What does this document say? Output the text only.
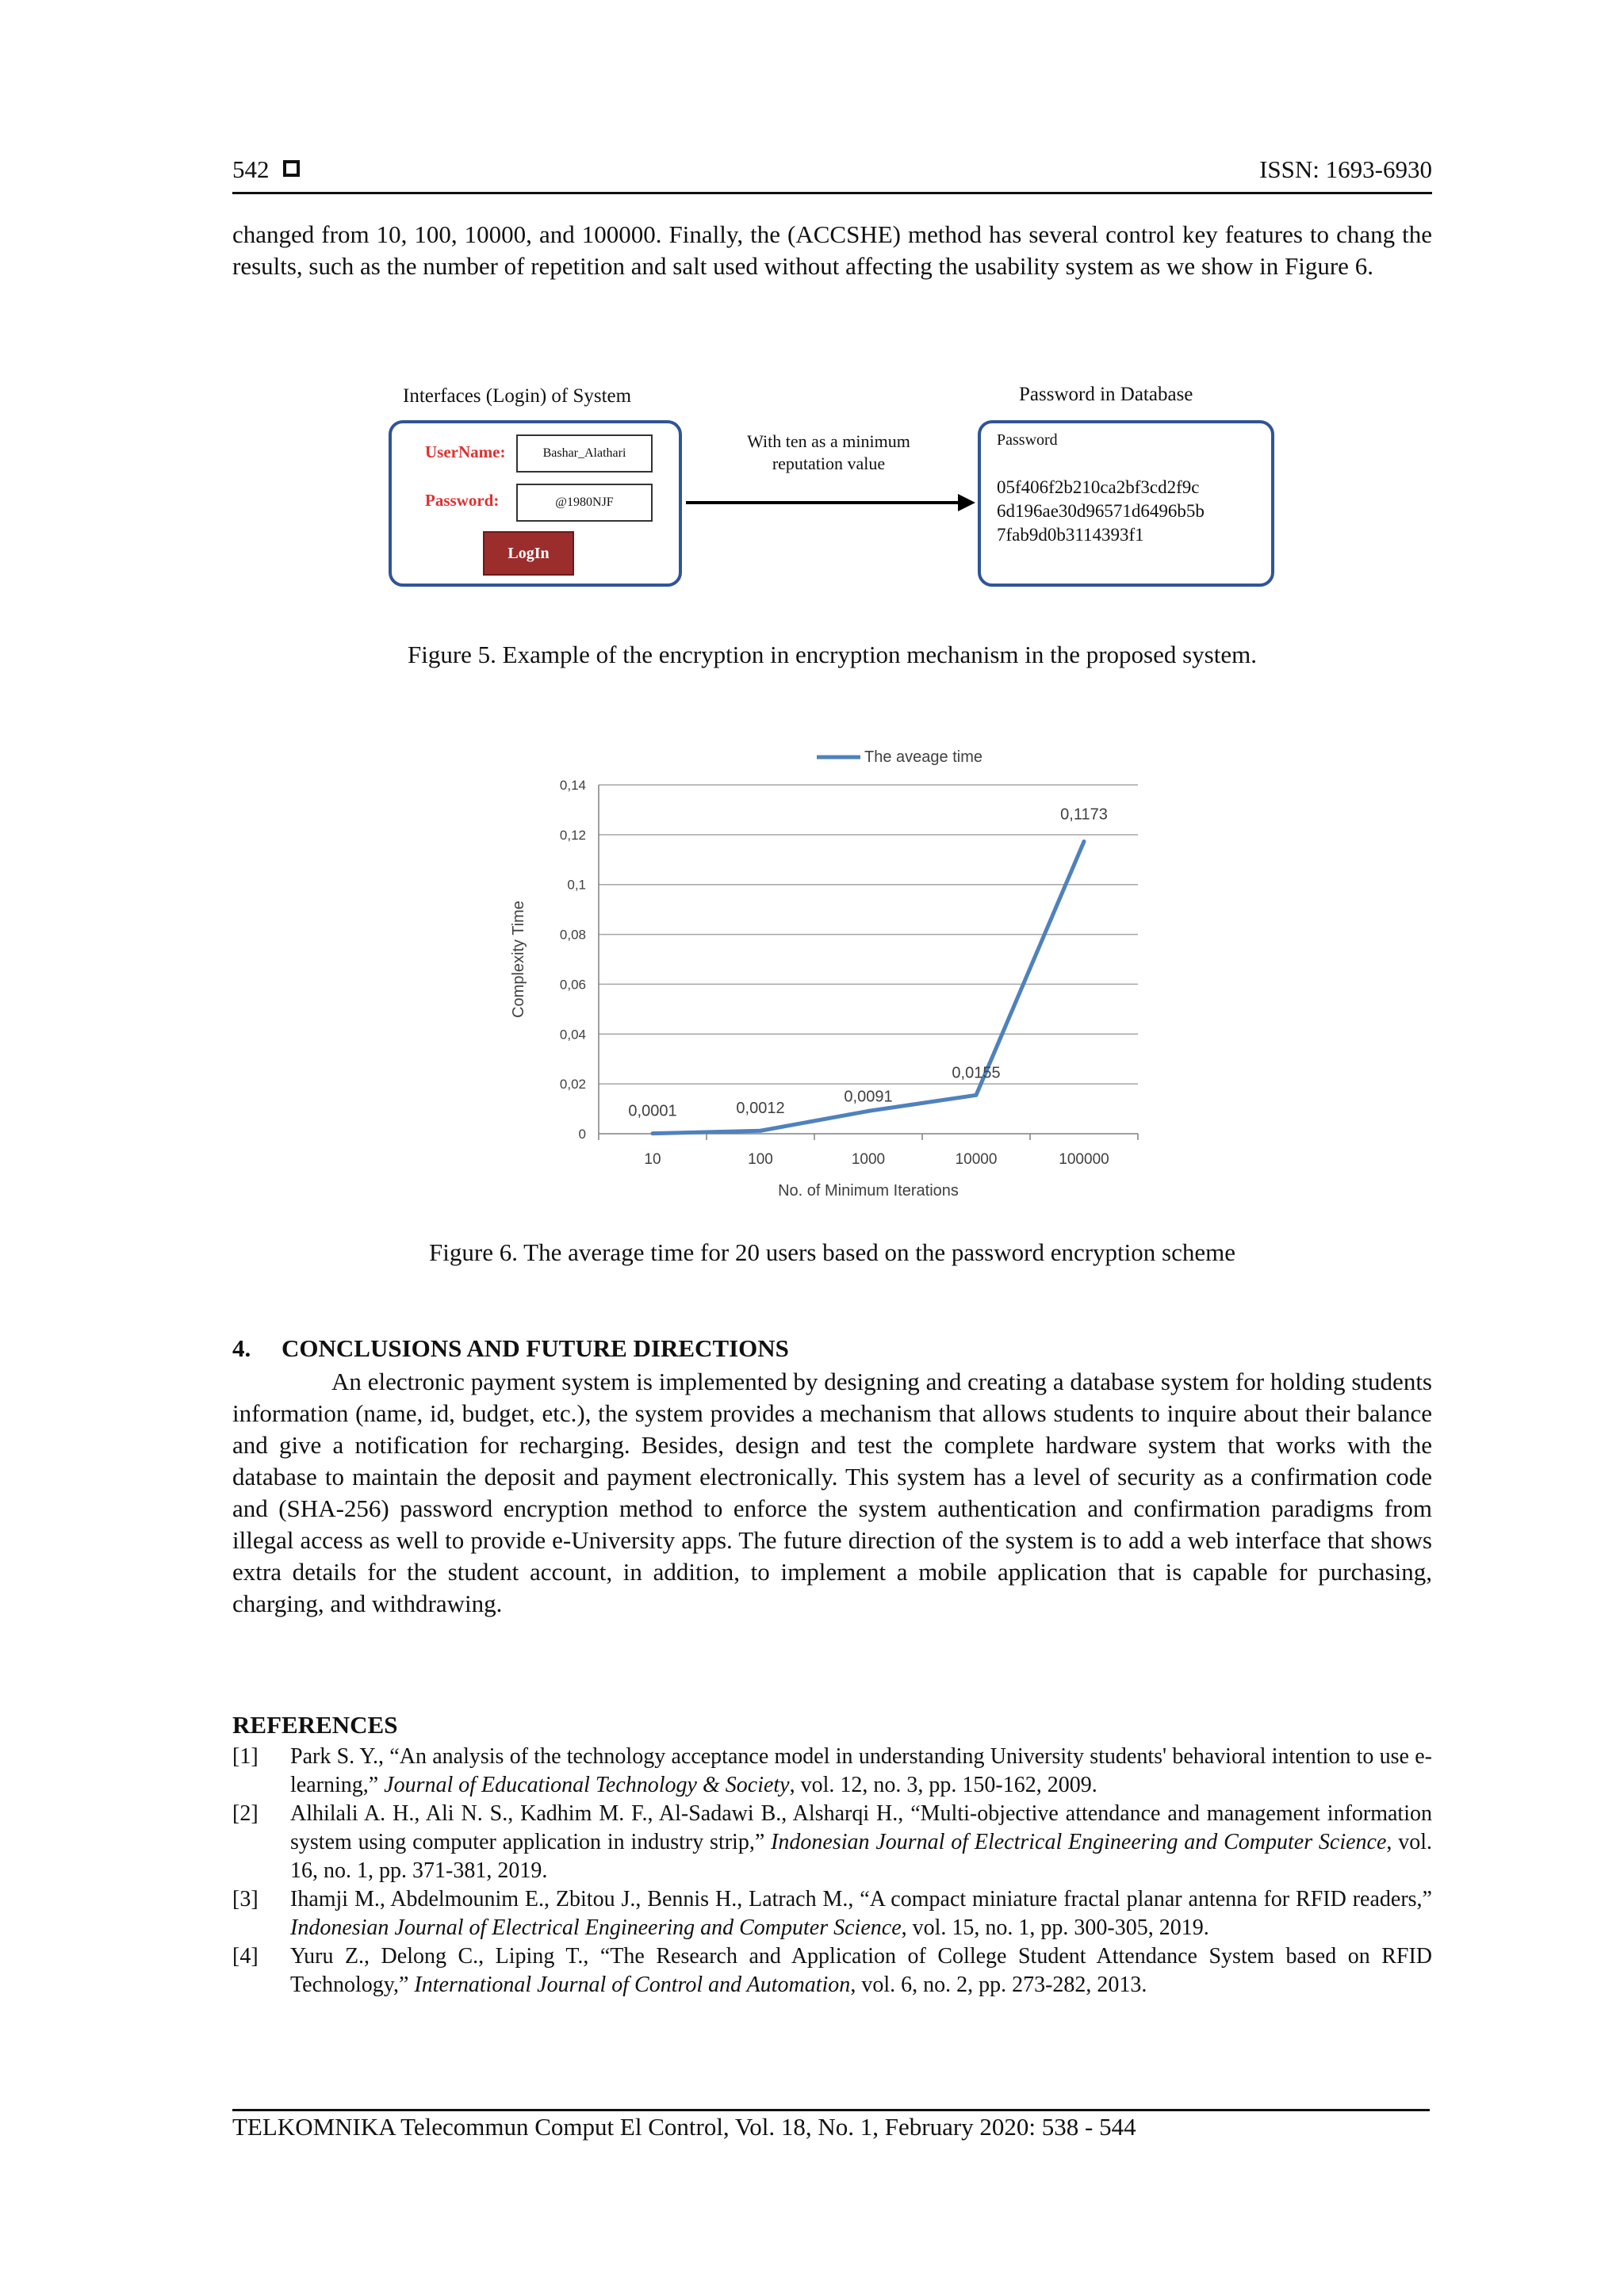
542	ISSN: 1693-6930

changed from 10, 100, 10000, and 100000. Finally, the (ACCSHE) method has several control key features to chang the results, such as the number of repetition and salt used without affecting the usability system as we show in Figure 6.

Interfaces (Login) of System	Password in Database
UserName:	Bashar_Alathari
Password:	@1980NJF
LogIn
With ten as a minimum reputation value
Password
05f406f2b210ca2bf3cd2f9c
6d196ae30d96571d6496b5b
7fab9d0b3114393f1
Figure 5. Example of the encryption in encryption mechanism in the proposed system.
0
0,02
0,04
0,06
0,08
0,1
0,12
0,14
10	100	1000	10000	100000
No. of Minimum Iterations
Complexity Time
The aveage time
0,0001	0,0012
0,0091
0,0155
0,1173
Figure 6. The average time for 20 users based on the password encryption scheme
4. CONCLUSIONS AND FUTURE DIRECTIONS

An electronic payment system is implemented by designing and creating a database system for holding students information (name, id, budget, etc.), the system provides a mechanism that allows students to inquire about their balance and give a notification for recharging. Besides, design and test the complete hardware system that works with the database to maintain the deposit and payment electronically. This system has a level of security as a confirmation code and (SHA-256) password encryption method to enforce the system authentication and confirmation paradigms from illegal access as well to provide e-University apps. The future direction of the system is to add a web interface that shows extra details for the student account, in addition, to implement a mobile application that is capable for purchasing, charging, and withdrawing.

REFERENCES
[1] Park S. Y., “An analysis of the technology acceptance model in understanding University students' behavioral intention to use e-learning,” Journal of Educational Technology & Society, vol. 12, no. 3, pp. 150-162, 2009.
[2] Alhilali A. H., Ali N. S., Kadhim M. F., Al-Sadawi B., Alsharqi H., “Multi-objective attendance and management information system using computer application in industry strip,” Indonesian Journal of Electrical Engineering and Computer Science, vol. 16, no. 1, pp. 371-381, 2019.
[3] Ihamji M., Abdelmounim E., Zbitou J., Bennis H., Latrach M., “A compact miniature fractal planar antenna for RFID readers,” Indonesian Journal of Electrical Engineering and Computer Science, vol. 15, no. 1, pp. 300-305, 2019.
[4] Yuru Z., Delong C., Liping T., “The Research and Application of College Student Attendance System based on RFID Technology,” International Journal of Control and Automation, vol. 6, no. 2, pp. 273-282, 2013.
TELKOMNIKA Telecommun Comput El Control, Vol. 18, No. 1, February 2020: 538 - 544
